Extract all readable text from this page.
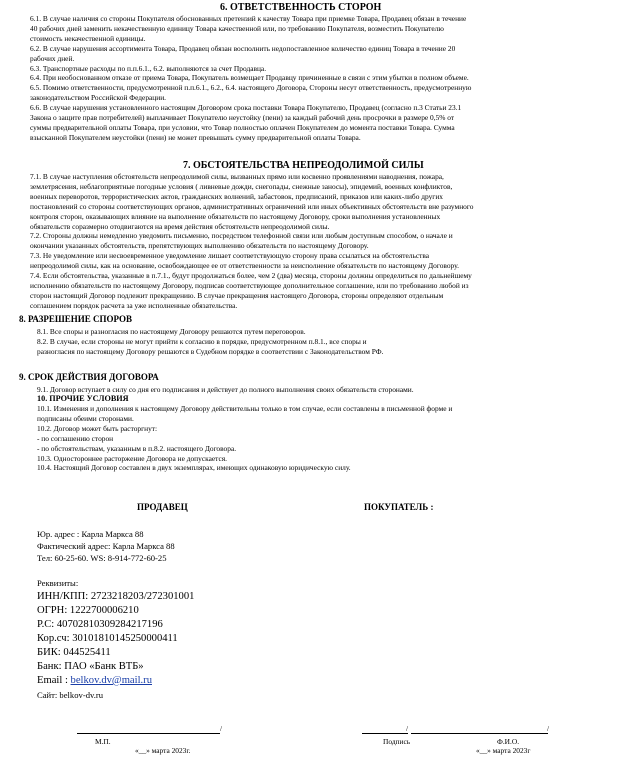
6. ОТВЕТСТВЕННОСТЬ СТОРОН
6.1. В случае наличия со стороны Покупателя обоснованных претензий к качеству Товара при приемке Товара, Продавец обязан в течение
40 рабочих дней заменить некачественную единицу Товара качественной или, по требованию Покупателя, возместить Покупателю
стоимость некачественной единицы.
6.2. В случае нарушения ассортимента Товара, Продавец обязан восполнить недопоставленное количество единиц Товара в течение 20
рабочих дней.
6.3. Транспортные расходы по п.п.6.1., 6.2. выполняются за счет Продавца.
6.4. При необоснованном отказе от приема Товара, Покупатель возмещает Продавцу причиненные в связи с этим убытки в полном объеме.
6.5. Помимо ответственности, предусмотренной п.п.6.1., 6.2., 6.4. настоящего Договора, Стороны несут ответственность, предусмотренную
законодательством Российской Федерации.
6.6. В случае нарушения установленного настоящим Договором срока поставки Товара Покупателю, Продавец (согласно п.3 Статьи 23.1
Закона о защите прав потребителей) выплачивает Покупателю неустойку (пени) за каждый рабочий день просрочки в размере 0,5% от
суммы предварительной оплаты Товара, при условии, что Товар полностью оплачен Покупателем до момента поставки Товара. Сумма
взысканной Покупателем неустойки (пени) не может превышать сумму предварительной оплаты Товара.
7. ОБСТОЯТЕЛЬСТВА НЕПРЕОДОЛИМОЙ СИЛЫ
7.1. В случае наступления обстоятельств непреодолимой силы, вызванных прямо или косвенно проявлениями наводнения, пожара,
землетрясения, неблагоприятные погодные условия ( ливневые дожди, снегопады, снежные заносы), эпидемий, военных конфликтов,
военных переворотов, террористических актов, гражданских волнений, забастовок, предписаний, приказов или каких-либо других
постановлений со стороны соответствующих органов, административных ограничений или иных объективных обстоятельств вне разумного
контроля сторон, оказывающих влияние на выполнение обязательств по настоящему Договору, сроки выполнения установленных
обязательств соразмерно отодвигаются на время действия обстоятельств непреодолимой силы.
7.2. Стороны должны немедленно уведомить письменно, посредством телефонной связи или любым доступным способом, о начале и
окончании указанных обстоятельств, препятствующих выполнению обязательств по настоящему Договору.
7.3. Не уведомление или несвоевременное уведомление лишает соответствующую сторону права ссылаться на обстоятельства
непреодолимой силы, как на основание, освобождающее ее от ответственности за неисполнение обязательств по настоящему Договору.
7.4. Если обстоятельства, указанные в п.7.1., будут продолжаться более, чем 2 (два) месяца, стороны должны определиться по дальнейшему
исполнению обязательств по настоящему Договору, подписав соответствующее дополнительное соглашение, или по требованию любой из
сторон настоящий Договор подлежит прекращению. В случае прекращения настоящего Договора, стороны определяют отдельным
соглашением порядок расчета за уже исполненные обязательства.
8. РАЗРЕШЕНИЕ СПОРОВ
8.1. Все споры и разногласия по настоящему Договору решаются путем переговоров.
8.2. В случае, если стороны не могут прийти к согласию в порядке, предусмотренном п.8.1., все споры и
разногласия по настоящему Договору решаются в Судебном порядке в соответствии с Законодательством РФ.
9. СРОК ДЕЙСТВИЯ ДОГОВОРА
9.1. Договор вступает в силу со дня его подписания и действует до полного выполнения своих обязательств сторонами.
10. ПРОЧИЕ УСЛОВИЯ
10.1. Изменения и дополнения к настоящему Договору действительны только в том случае, если составлены в письменной форме и
подписаны обеими сторонами.
10.2. Договор может быть расторгнут:
- по соглашению сторон
- по обстоятельствам, указанным в п.8.2. настоящего Договора.
10.3. Одностороннее расторжение Договора не допускается.
10.4. Настоящий Договор составлен в двух экземплярах, имеющих одинаковую юридическую силу.
ПРОДАВЕЦ	ПОКУПАТЕЛЬ :
Юр. адрес : Карла Маркса 88
Фактический адрес: Карла Маркса 88
Тел: 60-25-60. WS: 8-914-772-60-25
Реквизиты:
ИНН/КПП: 2723218203/272301001
ОГРН: 1222700006210
Р.С: 40702810309284217196
Кор.сч: 30101810145250000411
БИК: 044525411
Банк: ПАО «Банк ВТБ»
Email : belkov.dv@mail.ru
Сайт: belkov-dv.ru
/
М.П.
«__» марта 2023г.
/	/
Подпись	Ф.И.О.
«__» марта 2023г
